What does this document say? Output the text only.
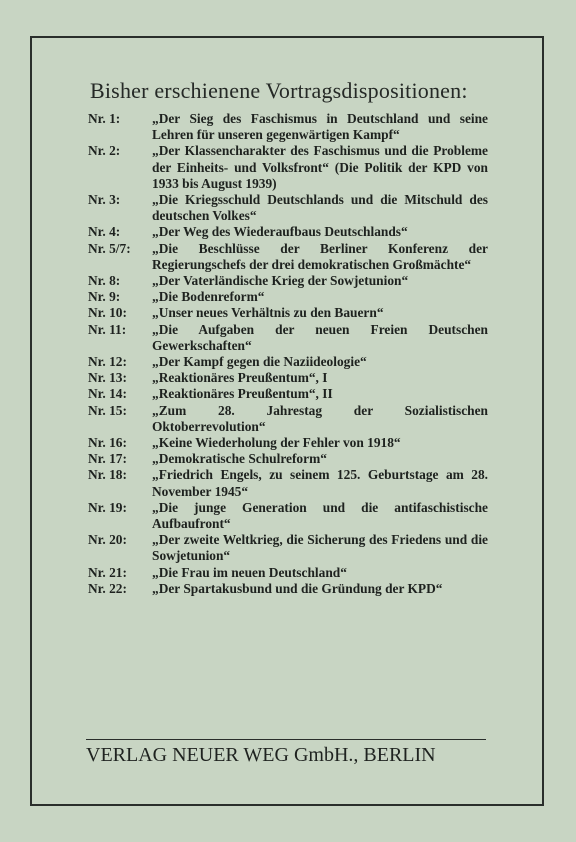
Bisher erschienene Vortragsdispositionen:
Nr. 1:	„Der Sieg des Faschismus in Deutschland und seine Lehren für unseren gegenwärtigen Kampf“
Nr. 2:	„Der Klassencharakter des Faschismus und die Probleme der Einheits- und Volksfront“ (Die Politik der KPD von 1933 bis August 1939)
Nr. 3:	„Die Kriegsschuld Deutschlands und die Mitschuld des deutschen Volkes“
Nr. 4:	„Der Weg des Wiederaufbaus Deutschlands“
Nr. 5/7:	„Die Beschlüsse der Berliner Konferenz der Regierungschefs der drei demokratischen Großmächte“
Nr. 8:	„Der Vaterländische Krieg der Sowjetunion“
Nr. 9:	„Die Bodenreform“
Nr. 10:	„Unser neues Verhältnis zu den Bauern“
Nr. 11:	„Die Aufgaben der neuen Freien Deutschen Gewerkschaften“
Nr. 12:	„Der Kampf gegen die Naziideologie“
Nr. 13:	„Reaktionäres Preußentum“, I
Nr. 14:	„Reaktionäres Preußentum“, II
Nr. 15:	„Zum 28. Jahrestag der Sozialistischen Oktoberrevolution“
Nr. 16:	„Keine Wiederholung der Fehler von 1918“
Nr. 17:	„Demokratische Schulreform“
Nr. 18:	„Friedrich Engels, zu seinem 125. Geburtstage am 28. November 1945“
Nr. 19:	„Die junge Generation und die antifaschistische Aufbaufront“
Nr. 20:	„Der zweite Weltkrieg, die Sicherung des Friedens und die Sowjetunion“
Nr. 21:	„Die Frau im neuen Deutschland“
Nr. 22:	„Der Spartakusbund und die Gründung der KPD“
VERLAG NEUER WEG GmbH., BERLIN
